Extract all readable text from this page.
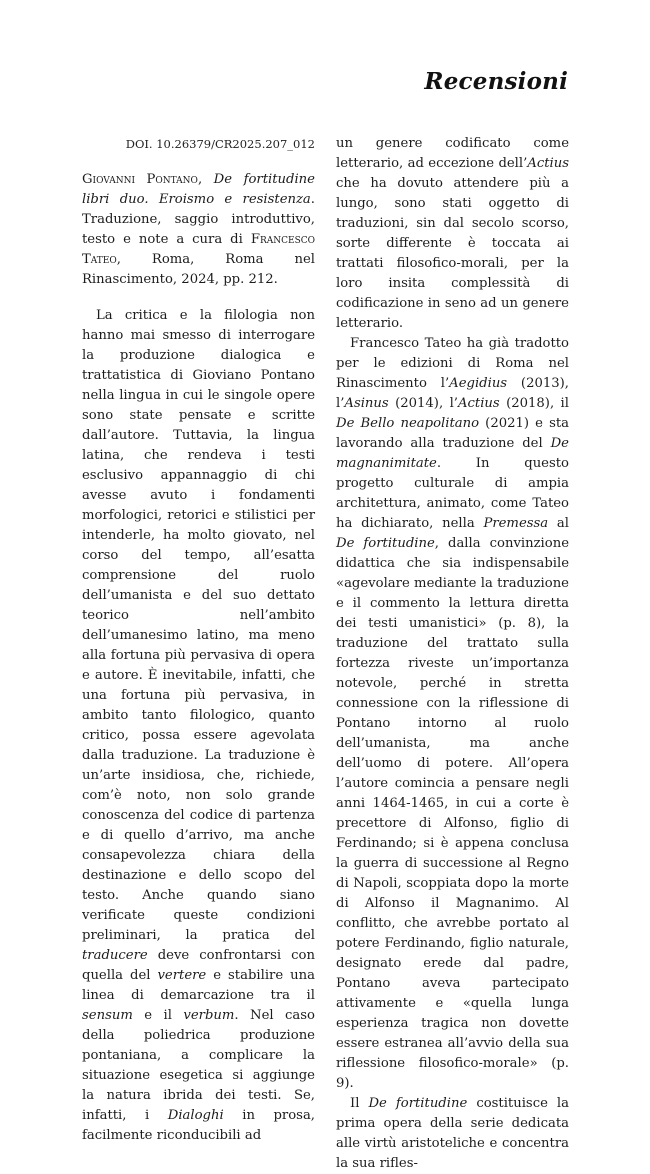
Recensioni
DOI. 10.26379/CR2025.207_012
Giovanni Pontano, De fortitudine libri duo. Eroismo e resistenza. Traduzione, saggio introduttivo, testo e note a cura di Francesco Tateo, Roma, Roma nel Rinascimento, 2024, pp. 212.

La critica e la filologia non hanno mai smesso di interrogare la produzione dialogica e trattatistica di Gioviano Pontano nella lingua in cui le singole opere sono state pensate e scritte dall’autore. Tuttavia, la lingua latina, che rendeva i testi esclusivo appannaggio di chi avesse avuto i fondamenti morfologici, retorici e stilistici per intenderle, ha molto giovato, nel corso del tempo, all’esatta comprensione del ruolo dell’umanista e del suo dettato teorico nell’ambito dell’umanesimo latino, ma meno alla fortuna più pervasiva di opera e autore. È inevitabile, infatti, che una fortuna più pervasiva, in ambito tanto filologico, quanto critico, possa essere agevolata dalla traduzione. La traduzione è un’arte insidiosa, che, richiede, com’è noto, non solo grande conoscenza del codice di partenza e di quello d’arrivo, ma anche consapevolezza chiara della destinazione e dello scopo del testo. Anche quando siano verificate queste condizioni preliminari, la pratica del traducere deve confrontarsi con quella del vertere e stabilire una linea di demarcazione tra il sensum e il verbum. Nel caso della poliedrica produzione pontaniana, a complicare la situazione esegetica si aggiunge la natura ibrida dei testi. Se, infatti, i Dialoghi in prosa, facilmente riconducibili ad

un genere codificato come letterario, ad eccezione dell’Actius che ha dovuto attendere più a lungo, sono stati oggetto di traduzioni, sin dal secolo scorso, sorte differente è toccata ai trattati filosofico-morali, per la loro insita complessità di codificazione in seno ad un genere letterario.

Francesco Tateo ha già tradotto per le edizioni di Roma nel Rinascimento l’Aegidius (2013), l’Asinus (2014), l’Actius (2018), il De Bello neapolitano (2021) e sta lavorando alla traduzione del De magnanimitate. In questo progetto culturale di ampia architettura, animato, come Tateo ha dichiarato, nella Premessa al De fortitudine, dalla convinzione didattica che sia indispensabile «agevolare mediante la traduzione e il commento la lettura diretta dei testi umanistici» (p. 8), la traduzione del trattato sulla fortezza riveste un’importanza notevole, perché in stretta connessione con la riflessione di Pontano intorno al ruolo dell’umanista, ma anche dell’uomo di potere. All’opera l’autore comincia a pensare negli anni 1464-1465, in cui a corte è precettore di Alfonso, figlio di Ferdinando; si è appena conclusa la guerra di successione al Regno di Napoli, scoppiata dopo la morte di Alfonso il Magnanimo. Al conflitto, che avrebbe portato al potere Ferdinando, figlio naturale, designato erede dal padre, Pontano aveva partecipato attivamente e «quella lunga esperienza tragica non dovette essere estranea all’avvio della sua riflessione filosofico-morale» (p. 9).

Il De fortitudine costituisce la prima opera della serie dedicata alle virtù aristoteliche e concentra la sua rifles-
